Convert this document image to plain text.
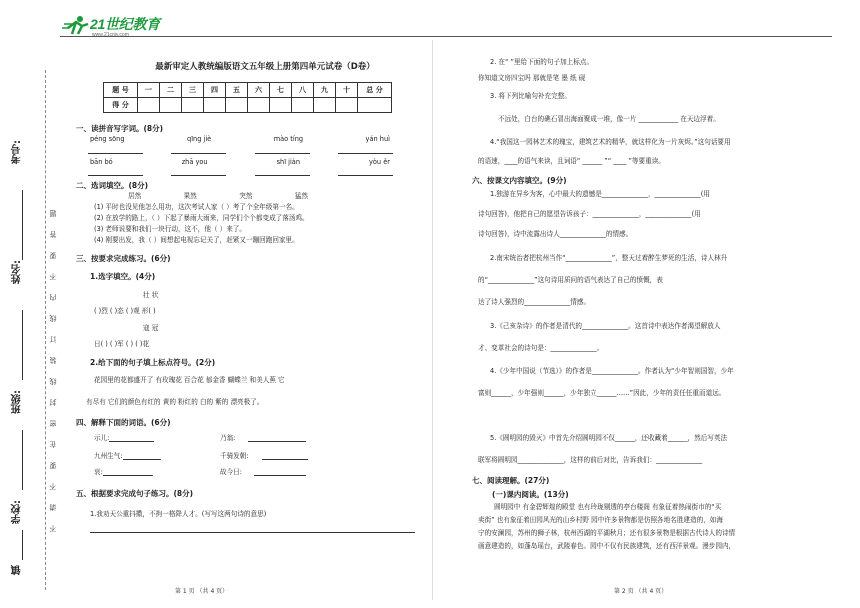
21世纪教育
www.21cnjy.com
考号:
姓名:
班级:
学校:
镇
题
答
要
不
内
线
订
装
线
封
密
在
要
不
请
不
最新审定人教统编版语文五年级上册第四单元试卷（D卷）
题 号	一	二	三	四	五	六	七	八	九	十	总 分
得 分											
一、读拼音写字词。(8分)
péng sōng	qīng jiè	mào tíng	yán huì
bān bó	zhā you	shī jiàn	yòu ěr
二、选词填空。(8分)
居然	果然	突然	猛然
(1) 平时也没见他怎么用功，这次考试人家（ ）考了个全年级第一名。
(2) 在放学的路上，（ ）下起了暴雨大雨来，同学们个个都变成了落汤鸡。
(3) 老师说要和我们一块行动，这不，他（ ）来了。
(4) 刚要出发，我（ ）间想起电视忘记关了，赶紧又一蹦回跑回家里。
三、按要求完成练习。(6分)
1.选字填空。(4分)
壮 状
( )烈 ( )态 ( )观 形( )
寇 冠
日( ) ( )军 ( ) ( )花
2.给下面的句子填上标点符号。(2分)
花园里的花都盛开了 有玫瑰花 百合花 郁金香 蝴蝶兰 和美人蕉 它
有尽有 它们的颜色有红的 黄的 粉红的 白的 紫的 漂亮极了。
四、解释下面的词语。(6分)
示儿:	乃翁:
九州生气:	千骑发朝:
哀:	故今日:
五、根据要求完成句子练习。(8分)
1.我劝天公重抖擞，不拘一格降人才。(写写这两句诗的意思)
第 1 页 （共 4 页）
2. 在“ ”里给下面的句子加上标点。
你知道文房四宝吗 那就是笔 墨 纸 砚
3. 将下列比喻句补充完整。
不远处，白台的礁石冒出海面聚成一堆，像一片 ____________ 在天边浮着。
4.“我国这一园林艺术的瑰宝，建筑艺术的精华，就这样化为一片灰烬。”这句话要用
的语速，____的语气来读，且词语“ ______ ”“ ____ ”等要重读。
六、按课文内容填空。(9分)
1.独游在异乡为客，心中最大的遗憾是______________，______________(用
诗句回答)，他把自己的愿望告诉孩子：______________，______________(用
诗句回答)，诗中流露出诗人______________的情感。
2.南宋统治者把杭州当作“______________”，整天过着醉生梦死的生活，诗人林升
的“______________”这句诗用质问的语气表达了自己的愤慨，表
达了诗人强烈的______________情感。
3.《己亥杂诗》的作者是清代的______________。这首诗中表达作者渴望解放人
才、变革社会的诗句是：______________。
4.《少年中国说（节选）》的作者是______________。作者认为“少年智则国智，少年
富则______，少年强则______，少年独立______……”因此，少年的责任任重而道远。
5.《圆明园的毁灭》中首先介绍圆明园不仅______，还收藏着______，然后写英法
联军将圆明园______________，这样的前后对比，告诉我们：______________
七、阅读理解。(27分)
(一)课内阅读。(13分)
圆明园中 有金碧辉煌的殿堂 也有玲珑剔透的亭台楼阁 有象征着热闹街市的“买
卖街” 也有象征着田园风光的山乡村野 园中许多景物都是仿照各地名胜建造的，如海
宁的安澜园，苏州的狮子林，杭州西湖的平湖秋月；还有很多景物是根据古代诗人的诗情
画意建造的，如蓬岛瑶台，武陵春色。园中不仅有民族建筑，还有西洋景观。漫步园内，
第 2 页 （共 4 页）
